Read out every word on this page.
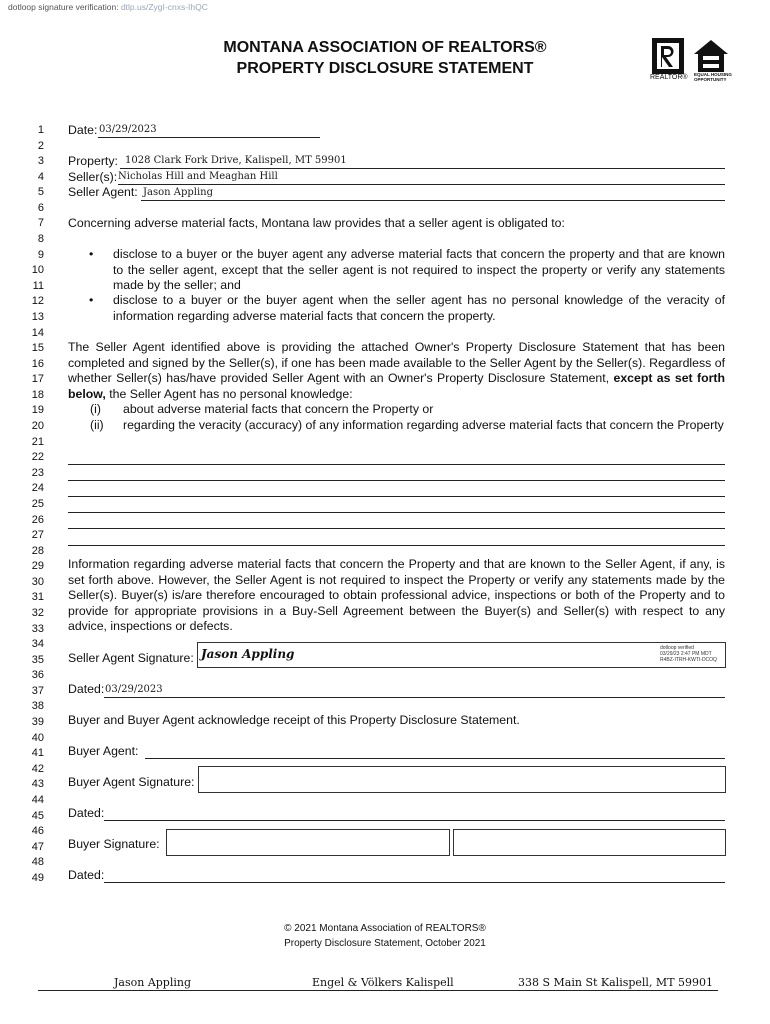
dotloop signature verification: dtlp.us/ZygI-cnxs-IhQC
MONTANA ASSOCIATION OF REALTORS®
PROPERTY DISCLOSURE STATEMENT
REALTOR® EQUAL HOUSING
OPPORTUNITY
1
2
3
4
5
6
7
8
9
10
11
12
13
14
15
16
17
18
19
20
21
22
23
24
25
26
27
28
29
30
31
32
33
34
35
36
37
38
39
40
41
42
43
44
45
46
47
48
49
Date: 03/29/2023
Property: 1028 Clark Fork Drive, Kalispell, MT 59901
Seller(s): Nicholas Hill and Meaghan Hill
Seller Agent: Jason Appling
Concerning adverse material facts, Montana law provides that a seller agent is obligated to:
• disclose to a buyer or the buyer agent any adverse material facts that concern the property and that are known to the seller agent, except that the seller agent is not required to inspect the property or verify any statements made by the seller; and
• disclose to a buyer or the buyer agent when the seller agent has no personal knowledge of the veracity of information regarding adverse material facts that concern the property.
The Seller Agent identified above is providing the attached Owner's Property Disclosure Statement that has been completed and signed by the Seller(s), if one has been made available to the Seller Agent by the Seller(s). Regardless of whether Seller(s) has/have provided Seller Agent with an Owner's Property Disclosure Statement, except as set forth below, the Seller Agent has no personal knowledge:
(i) about adverse material facts that concern the Property or
(ii) regarding the veracity (accuracy) of any information regarding adverse material facts that concern the Property
Information regarding adverse material facts that concern the Property and that are known to the Seller Agent, if any, is set forth above. However, the Seller Agent is not required to inspect the Property or verify any statements made by the Seller(s). Buyer(s) is/are therefore encouraged to obtain professional advice, inspections or both of the Property and to provide for appropriate provisions in a Buy-Sell Agreement between the Buyer(s) and Seller(s) with respect to any advice, inspections or defects.
Seller Agent Signature: Jason Appling	dotloop verified
03/29/23 2:47 PM MDT
R4BZ-ITRH-KWTI-DCOQ
Dated: 03/29/2023
Buyer and Buyer Agent acknowledge receipt of this Property Disclosure Statement.
Buyer Agent:
Buyer Agent Signature:
Dated:
Buyer Signature:
Dated:
© 2021 Montana Association of REALTORS®
Property Disclosure Statement, October 2021
Jason Appling	Engel & Völkers Kalispell	338 S Main St Kalispell, MT 59901
